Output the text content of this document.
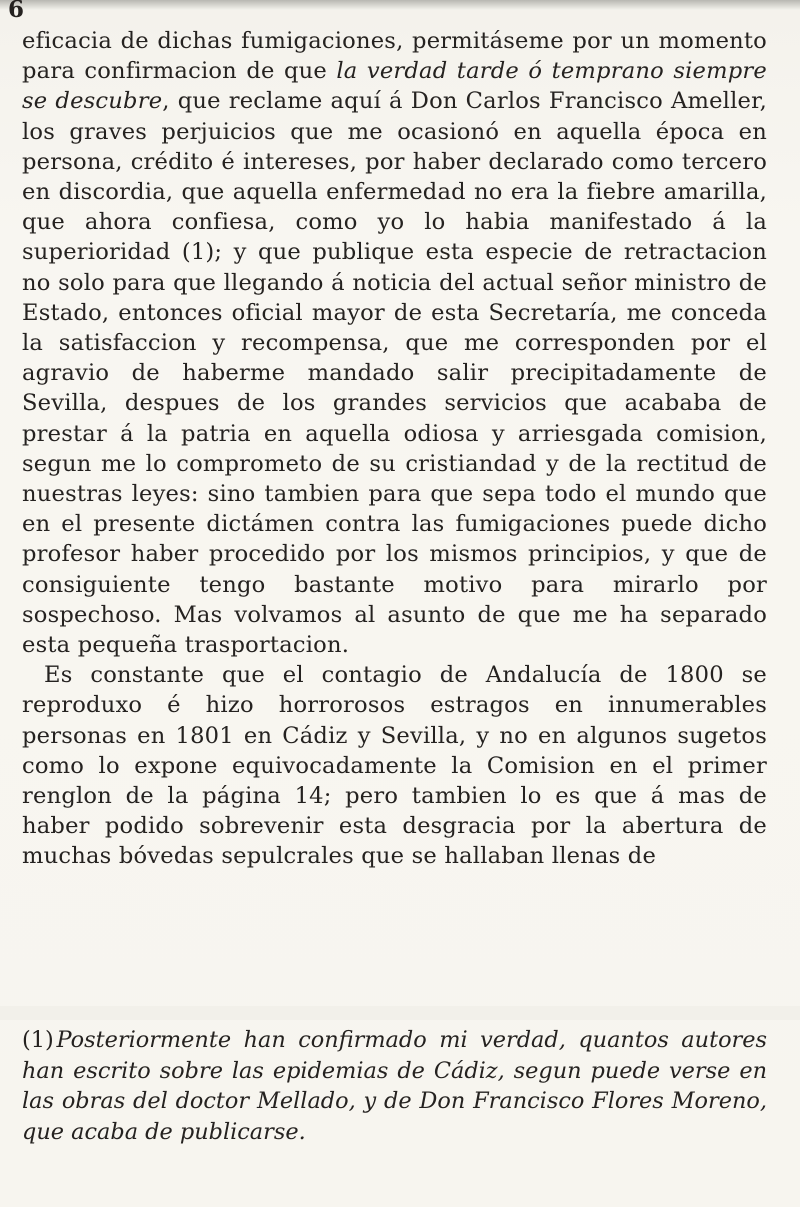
6

eficacia de dichas fumigaciones, permitáseme por un momento para confirmacion de que la verdad tarde ó temprano siempre se descubre, que reclame aquí á Don Carlos Francisco Ameller, los graves perjuicios que me ocasionó en aquella época en persona, crédito é intereses, por haber declarado como tercero en discordia, que aquella enfermedad no era la fiebre amarilla, que ahora confiesa, como yo lo habia manifestado á la superioridad (1); y que publique esta especie de retractacion no solo para que llegando á noticia del actual señor ministro de Estado, entonces oficial mayor de esta Secretaría, me conceda la satisfaccion y recompensa, que me corresponden por el agravio de haberme mandado salir precipitadamente de Sevilla, despues de los grandes servicios que acababa de prestar á la patria en aquella odiosa y arriesgada comision, segun me lo comprometo de su cristiandad y de la rectitud de nuestras leyes: sino tambien para que sepa todo el mundo que en el presente dictámen contra las fumigaciones puede dicho profesor haber procedido por los mismos principios, y que de consiguiente tengo bastante motivo para mirarlo por sospechoso. Mas volvamos al asunto de que me ha separado esta pequeña trasportacion.

Es constante que el contagio de Andalucía de 1800 se reproduxo é hizo horrorosos estragos en innumerables personas en 1801 en Cádiz y Sevilla, y no en algunos sugetos como lo expone equivocadamente la Comision en el primer renglon de la página 14; pero tambien lo es que á mas de haber podido sobrevenir esta desgracia por la abertura de muchas bóvedas sepulcrales que se hallaban llenas de

(1) Posteriormente han confirmado mi verdad, quantos autores han escrito sobre las epidemias de Cádiz, segun puede verse en las obras del doctor Mellado, y de Don Francisco Flores Moreno, que acaba de publicarse.
